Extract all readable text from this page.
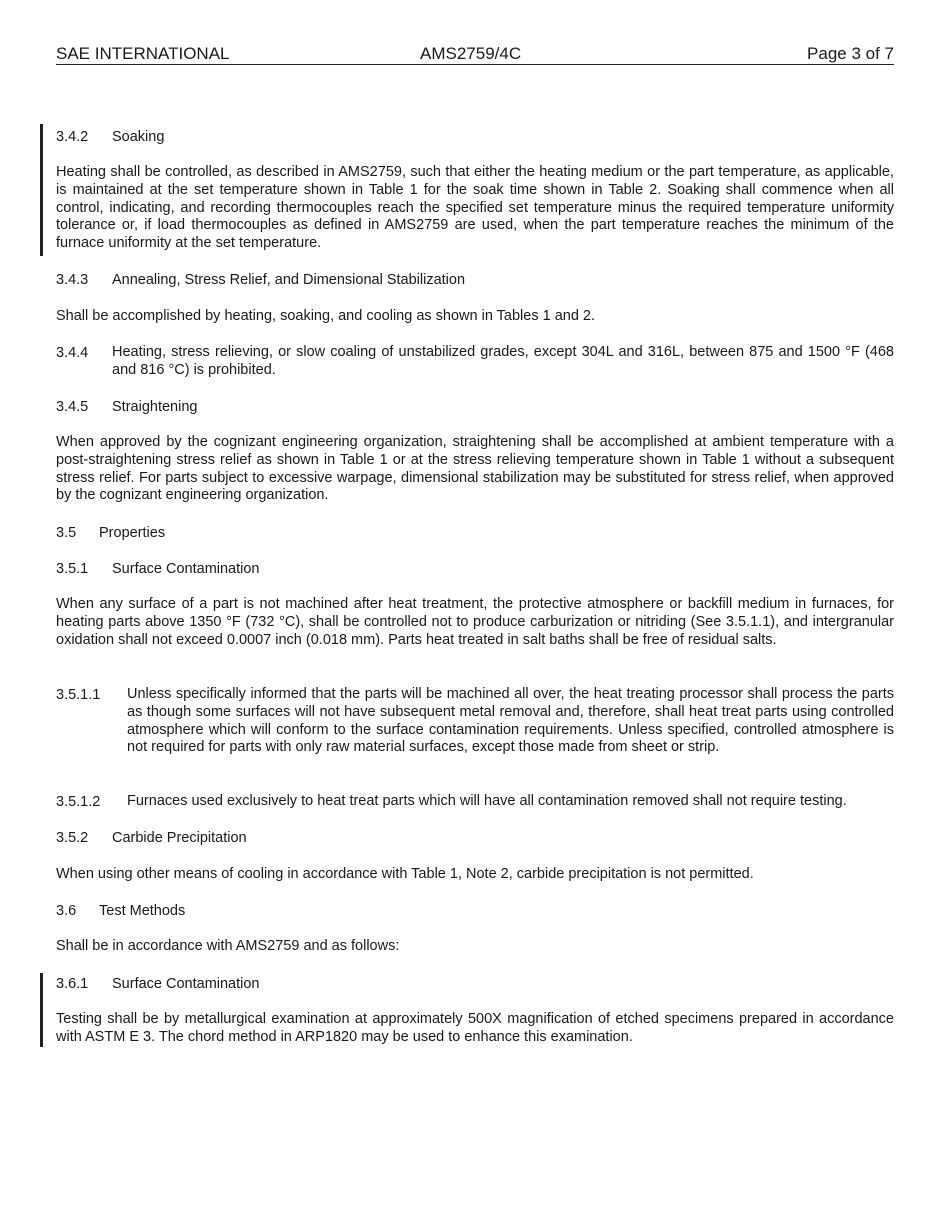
SAE INTERNATIONAL	AMS2759/4C	Page 3 of 7
3.4.2 Soaking
Heating shall be controlled, as described in AMS2759, such that either the heating medium or the part temperature, as applicable, is maintained at the set temperature shown in Table 1 for the soak time shown in Table 2. Soaking shall commence when all control, indicating, and recording thermocouples reach the specified set temperature minus the required temperature uniformity tolerance or, if load thermocouples as defined in AMS2759 are used, when the part temperature reaches the minimum of the furnace uniformity at the set temperature.
3.4.3 Annealing, Stress Relief, and Dimensional Stabilization
Shall be accomplished by heating, soaking, and cooling as shown in Tables 1 and 2.
3.4.4 Heating, stress relieving, or slow coaling of unstabilized grades, except 304L and 316L, between 875 and 1500 °F (468 and 816 °C) is prohibited.
3.4.5 Straightening
When approved by the cognizant engineering organization, straightening shall be accomplished at ambient temperature with a post-straightening stress relief as shown in Table 1 or at the stress relieving temperature shown in Table 1 without a subsequent stress relief. For parts subject to excessive warpage, dimensional stabilization may be substituted for stress relief, when approved by the cognizant engineering organization.
3.5 Properties
3.5.1 Surface Contamination
When any surface of a part is not machined after heat treatment, the protective atmosphere or backfill medium in furnaces, for heating parts above 1350 °F (732 °C), shall be controlled not to produce carburization or nitriding (See 3.5.1.1), and intergranular oxidation shall not exceed 0.0007 inch (0.018 mm). Parts heat treated in salt baths shall be free of residual salts.
3.5.1.1 Unless specifically informed that the parts will be machined all over, the heat treating processor shall process the parts as though some surfaces will not have subsequent metal removal and, therefore, shall heat treat parts using controlled atmosphere which will conform to the surface contamination requirements. Unless specified, controlled atmosphere is not required for parts with only raw material surfaces, except those made from sheet or strip.
3.5.1.2 Furnaces used exclusively to heat treat parts which will have all contamination removed shall not require testing.
3.5.2 Carbide Precipitation
When using other means of cooling in accordance with Table 1, Note 2, carbide precipitation is not permitted.
3.6 Test Methods
Shall be in accordance with AMS2759 and as follows:
3.6.1 Surface Contamination
Testing shall be by metallurgical examination at approximately 500X magnification of etched specimens prepared in accordance with ASTM E 3. The chord method in ARP1820 may be used to enhance this examination.
